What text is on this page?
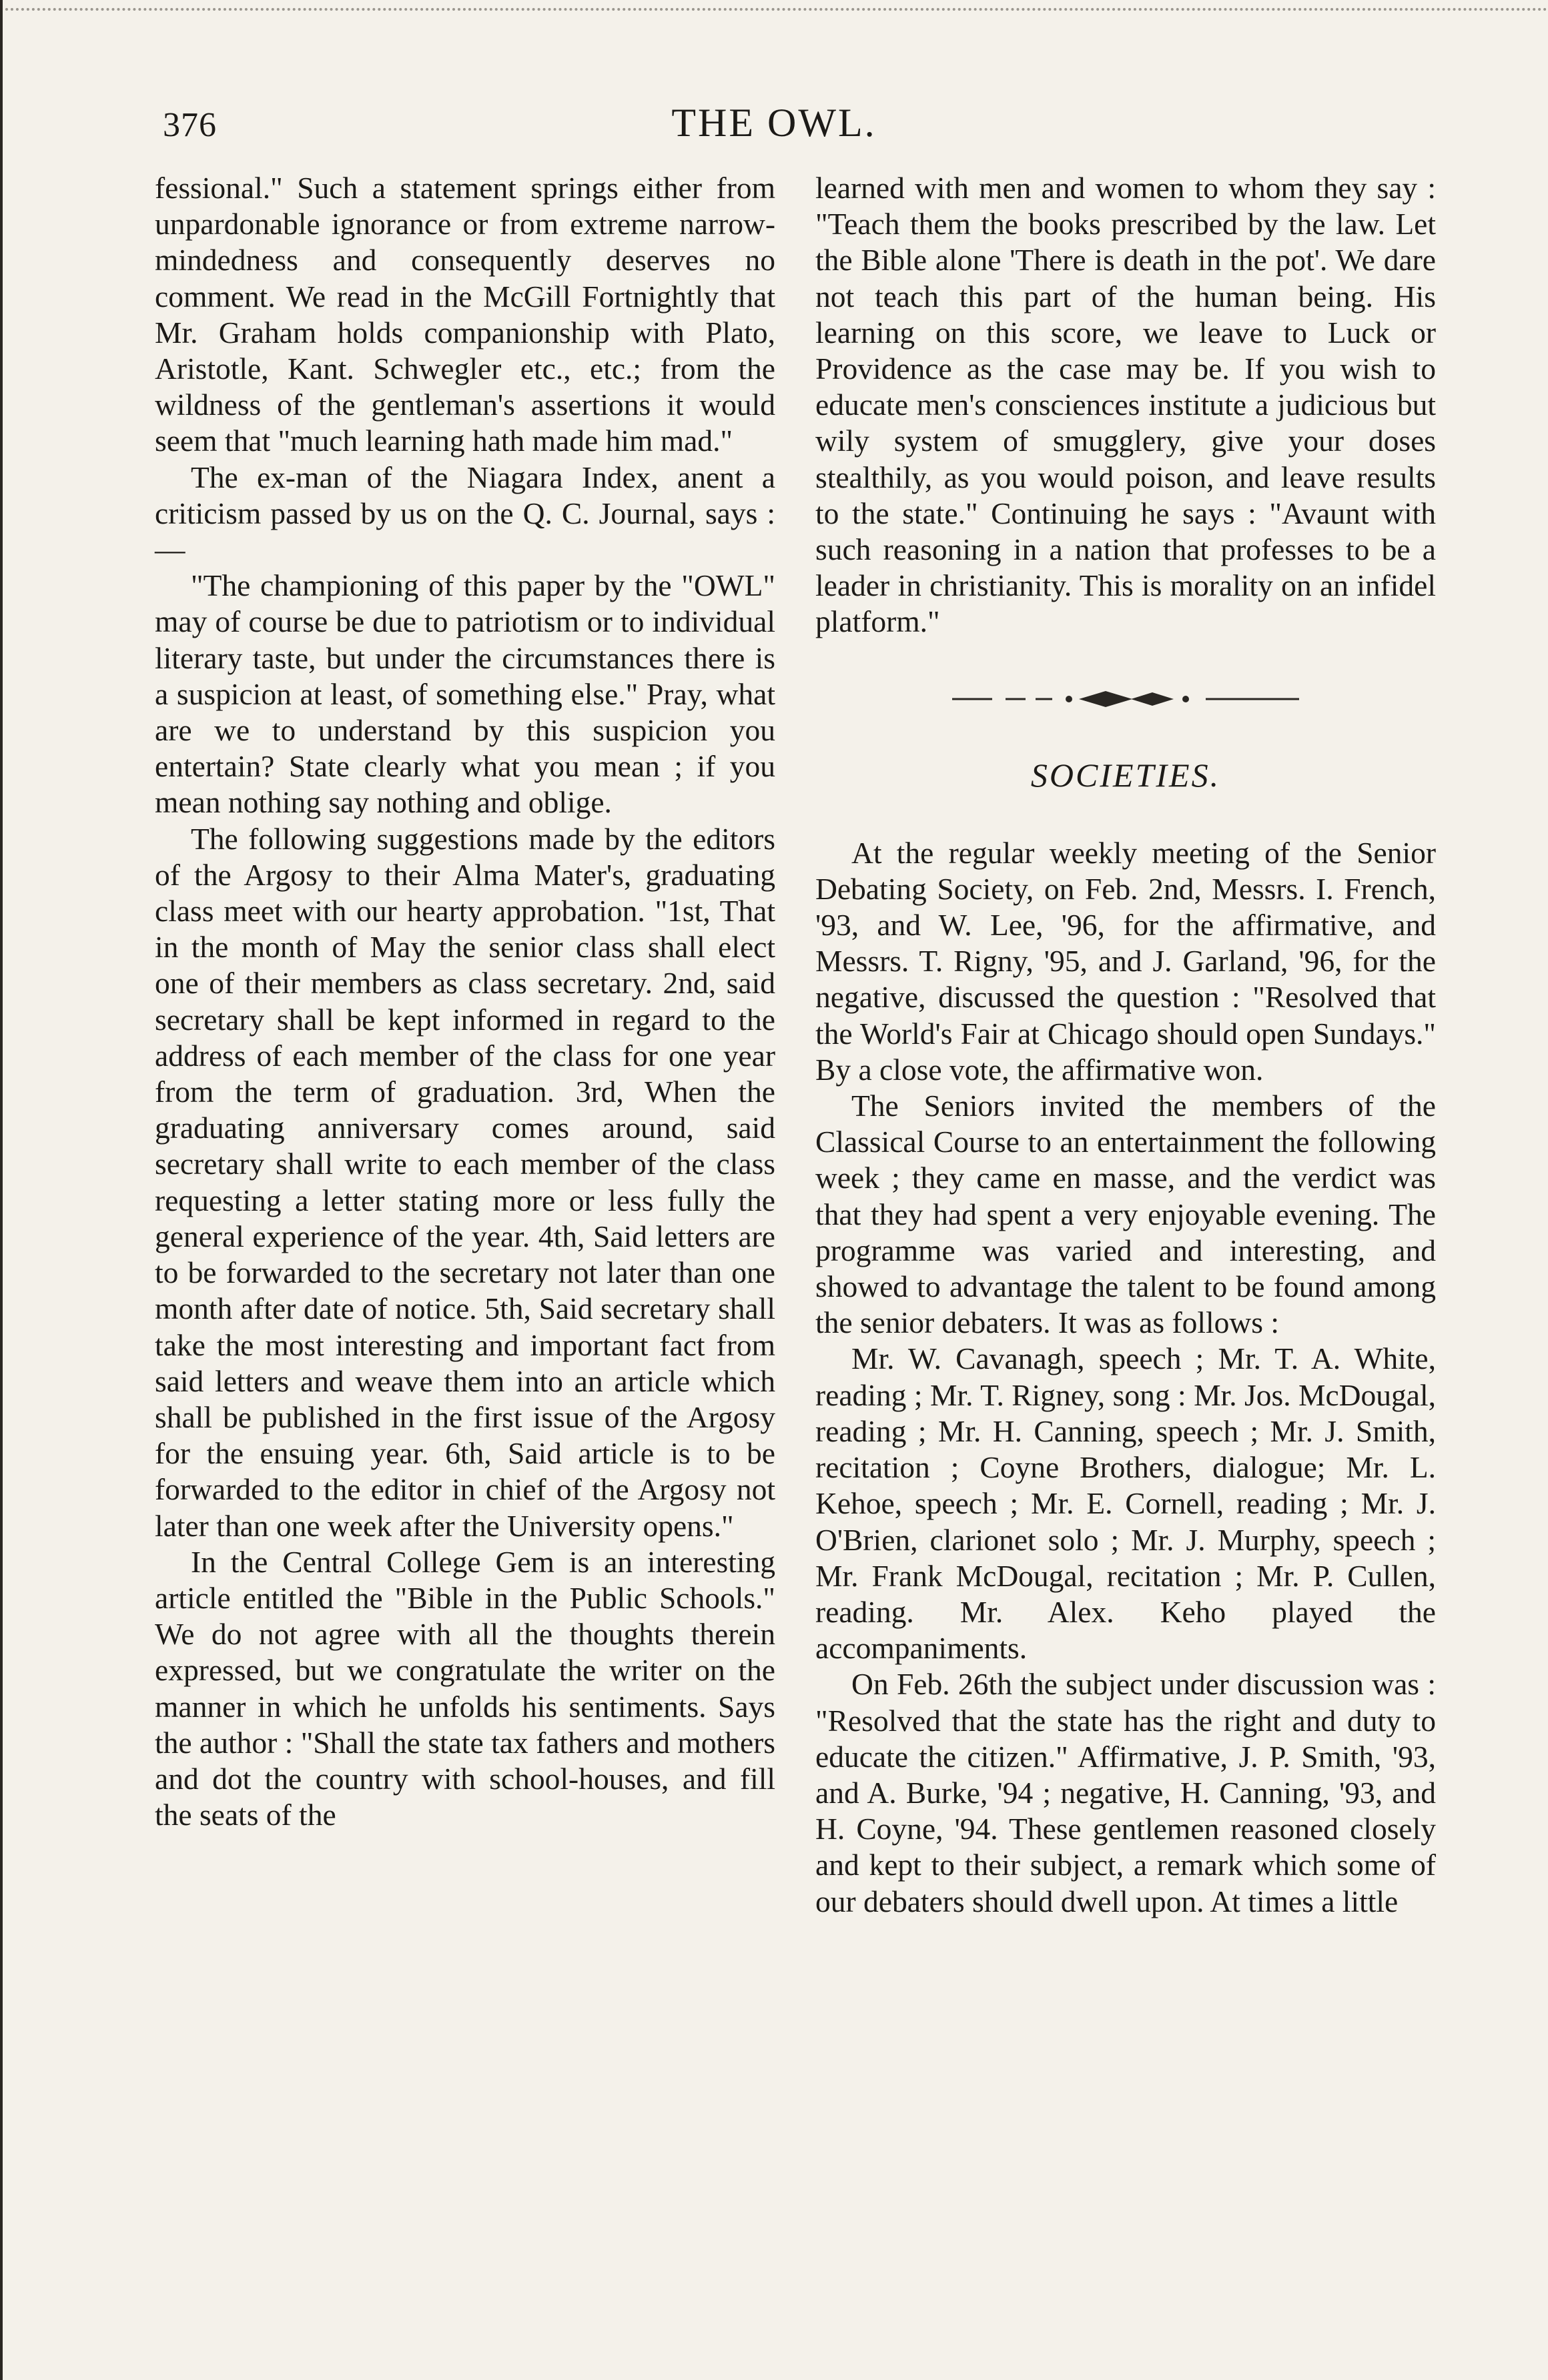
376	THE OWL.

fessional." Such a statement springs either from unpardonable ignorance or from extreme narrow-mindedness and consequently deserves no comment. We read in the McGill Fortnightly that Mr. Graham holds companionship with Plato, Aristotle, Kant. Schwegler etc., etc.; from the wildness of the gentleman's assertions it would seem that "much learning hath made him mad."

The ex-man of the Niagara Index, anent a criticism passed by us on the Q. C. Journal, says :—

"The championing of this paper by the "OWL" may of course be due to patriotism or to individual literary taste, but under the circumstances there is a suspicion at least, of something else." Pray, what are we to understand by this suspicion you entertain? State clearly what you mean ; if you mean nothing say nothing and oblige.

The following suggestions made by the editors of the Argosy to their Alma Mater's, graduating class meet with our hearty approbation. "1st, That in the month of May the senior class shall elect one of their members as class secretary. 2nd, said secretary shall be kept informed in regard to the address of each member of the class for one year from the term of graduation. 3rd, When the graduating anniversary comes around, said secretary shall write to each member of the class requesting a letter stating more or less fully the general experience of the year. 4th, Said letters are to be forwarded to the secretary not later than one month after date of notice. 5th, Said secretary shall take the most interesting and important fact from said letters and weave them into an article which shall be published in the first issue of the Argosy for the ensuing year. 6th, Said article is to be forwarded to the editor in chief of the Argosy not later than one week after the University opens."

In the Central College Gem is an interesting article entitled the "Bible in the Public Schools." We do not agree with all the thoughts therein expressed, but we congratulate the writer on the manner in which he unfolds his sentiments. Says the author : "Shall the state tax fathers and mothers and dot the country with school-houses, and fill the seats of the

learned with men and women to whom they say : "Teach them the books prescribed by the law. Let the Bible alone 'There is death in the pot'. We dare not teach this part of the human being. His learning on this score, we leave to Luck or Providence as the case may be. If you wish to educate men's consciences institute a judicious but wily system of smugglery, give your doses stealthily, as you would poison, and leave results to the state." Continuing he says : "Avaunt with such reasoning in a nation that professes to be a leader in christianity. This is morality on an infidel platform."

SOCIETIES.

At the regular weekly meeting of the Senior Debating Society, on Feb. 2nd, Messrs. I. French, '93, and W. Lee, '96, for the affirmative, and Messrs. T. Rigny, '95, and J. Garland, '96, for the negative, discussed the question : "Resolved that the World's Fair at Chicago should open Sundays." By a close vote, the affirmative won.

The Seniors invited the members of the Classical Course to an entertainment the following week ; they came en masse, and the verdict was that they had spent a very enjoyable evening. The programme was varied and interesting, and showed to advantage the talent to be found among the senior debaters. It was as follows :

Mr. W. Cavanagh, speech ; Mr. T. A. White, reading ; Mr. T. Rigney, song : Mr. Jos. McDougal, reading ; Mr. H. Canning, speech ; Mr. J. Smith, recitation ; Coyne Brothers, dialogue; Mr. L. Kehoe, speech ; Mr. E. Cornell, reading ; Mr. J. O'Brien, clarionet solo ; Mr. J. Murphy, speech ; Mr. Frank McDougal, recitation ; Mr. P. Cullen, reading. Mr. Alex. Keho played the accompaniments.

On Feb. 26th the subject under discussion was : "Resolved that the state has the right and duty to educate the citizen." Affirmative, J. P. Smith, '93, and A. Burke, '94 ; negative, H. Canning, '93, and H. Coyne, '94. These gentlemen reasoned closely and kept to their subject, a remark which some of our debaters should dwell upon. At times a little
